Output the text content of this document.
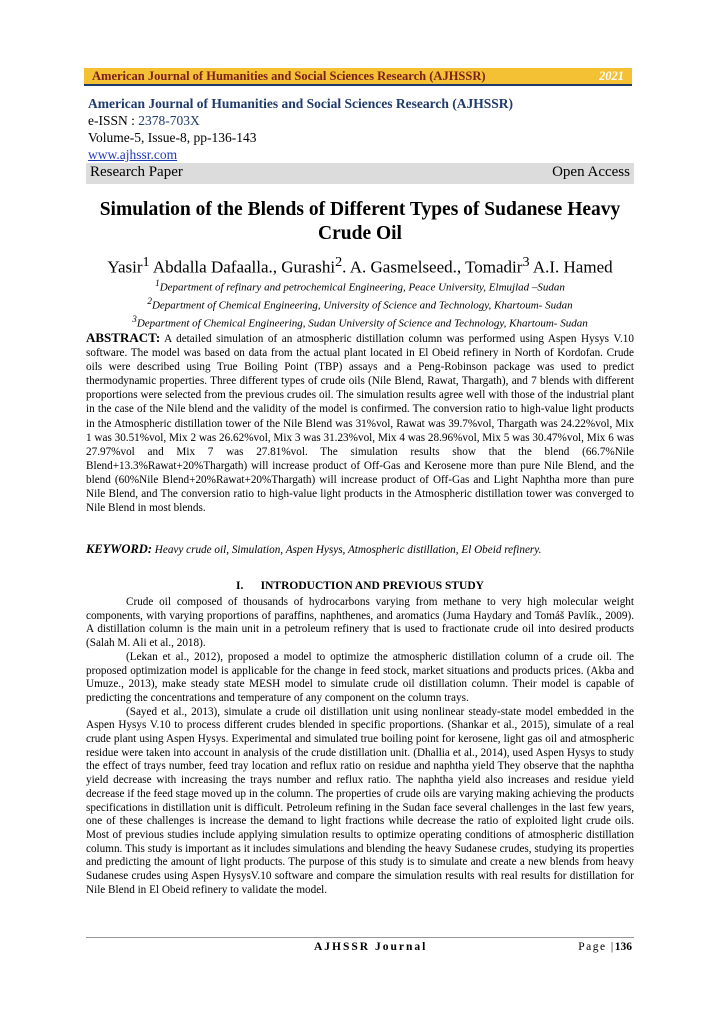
American Journal of Humanities and Social Sciences Research (AJHSSR)	2021
American Journal of Humanities and Social Sciences Research (AJHSSR)
e-ISSN : 2378-703X
Volume-5, Issue-8, pp-136-143
www.ajhssr.com
Research Paper	Open Access
Simulation of the Blends of Different Types of Sudanese Heavy Crude Oil
Yasir$^1$ Abdalla Dafaalla., Gurashi$^2$. A. Gasmelseed., Tomadir$^3$ A.I. Hamed
$^1$Department of refinary and petrochemical Engineering, Peace University, Elmujlad –Sudan
$^2$Department of Chemical Engineering, University of Science and Technology, Khartoum- Sudan
$^3$Department of Chemical Engineering, Sudan University of Science and Technology, Khartoum- Sudan
ABSTRACT: A detailed simulation of an atmospheric distillation column was performed using Aspen Hysys V.10 software. The model was based on data from the actual plant located in El Obeid refinery in North of Kordofan. Crude oils were described using True Boiling Point (TBP) assays and a Peng-Robinson package was used to predict thermodynamic properties. Three different types of crude oils (Nile Blend, Rawat, Thargath), and 7 blends with different proportions were selected from the previous crudes oil. The simulation results agree well with those of the industrial plant in the case of the Nile blend and the validity of the model is confirmed. The conversion ratio to high-value light products in the Atmospheric distillation tower of the Nile Blend was 31%vol, Rawat was 39.7%vol, Thargath was 24.22%vol, Mix 1 was 30.51%vol, Mix 2 was 26.62%vol, Mix 3 was 31.23%vol, Mix 4 was 28.96%vol, Mix 5 was 30.47%vol, Mix 6 was 27.97%vol and Mix 7 was 27.81%vol. The simulation results show that the blend (66.7%Nile Blend+13.3%Rawat+20%Thargath) will increase product of Off-Gas and Kerosene more than pure Nile Blend, and the blend (60%Nile Blend+20%Rawat+20%Thargath) will increase product of Off-Gas and Light Naphtha more than pure Nile Blend, and The conversion ratio to high-value light products in the Atmospheric distillation tower was converged to Nile Blend in most blends.
KEYWORD: Heavy crude oil, Simulation, Aspen Hysys, Atmospheric distillation, El Obeid refinery.
I. INTRODUCTION AND PREVIOUS STUDY

Crude oil composed of thousands of hydrocarbons varying from methane to very high molecular weight components, with varying proportions of paraffins, naphthenes, and aromatics (Juma Haydary and Tomáš Pavlík., 2009). A distillation column is the main unit in a petroleum refinery that is used to fractionate crude oil into desired products (Salah M. Ali et al., 2018).

(Lekan et al., 2012), proposed a model to optimize the atmospheric distillation column of a crude oil. The proposed optimization model is applicable for the change in feed stock, market situations and products prices. (Akba and Umuze., 2013), make steady state MESH model to simulate crude oil distillation column. Their model is capable of predicting the concentrations and temperature of any component on the column trays.

(Sayed et al., 2013), simulate a crude oil distillation unit using nonlinear steady-state model embedded in the Aspen Hysys V.10 to process different crudes blended in specific proportions. (Shankar et al., 2015), simulate of a real crude plant using Aspen Hysys. Experimental and simulated true boiling point for kerosene, light gas oil and atmospheric residue were taken into account in analysis of the crude distillation unit. (Dhallia et al., 2014), used Aspen Hysys to study the effect of trays number, feed tray location and reflux ratio on residue and naphtha yield They observe that the naphtha yield decrease with increasing the trays number and reflux ratio. The naphtha yield also increases and residue yield decrease if the feed stage moved up in the column. The properties of crude oils are varying making achieving the products specifications in distillation unit is difficult. Petroleum refining in the Sudan face several challenges in the last few years, one of these challenges is increase the demand to light fractions while decrease the ratio of exploited light crude oils. Most of previous studies include applying simulation results to optimize operating conditions of atmospheric distillation column. This study is important as it includes simulations and blending the heavy Sudanese crudes, studying its properties and predicting the amount of light products. The purpose of this study is to simulate and create a new blends from heavy Sudanese crudes using Aspen HysysV.10 software and compare the simulation results with real results for distillation for Nile Blend in El Obeid refinery to validate the model.

AJHSSR Journal	Page |136
